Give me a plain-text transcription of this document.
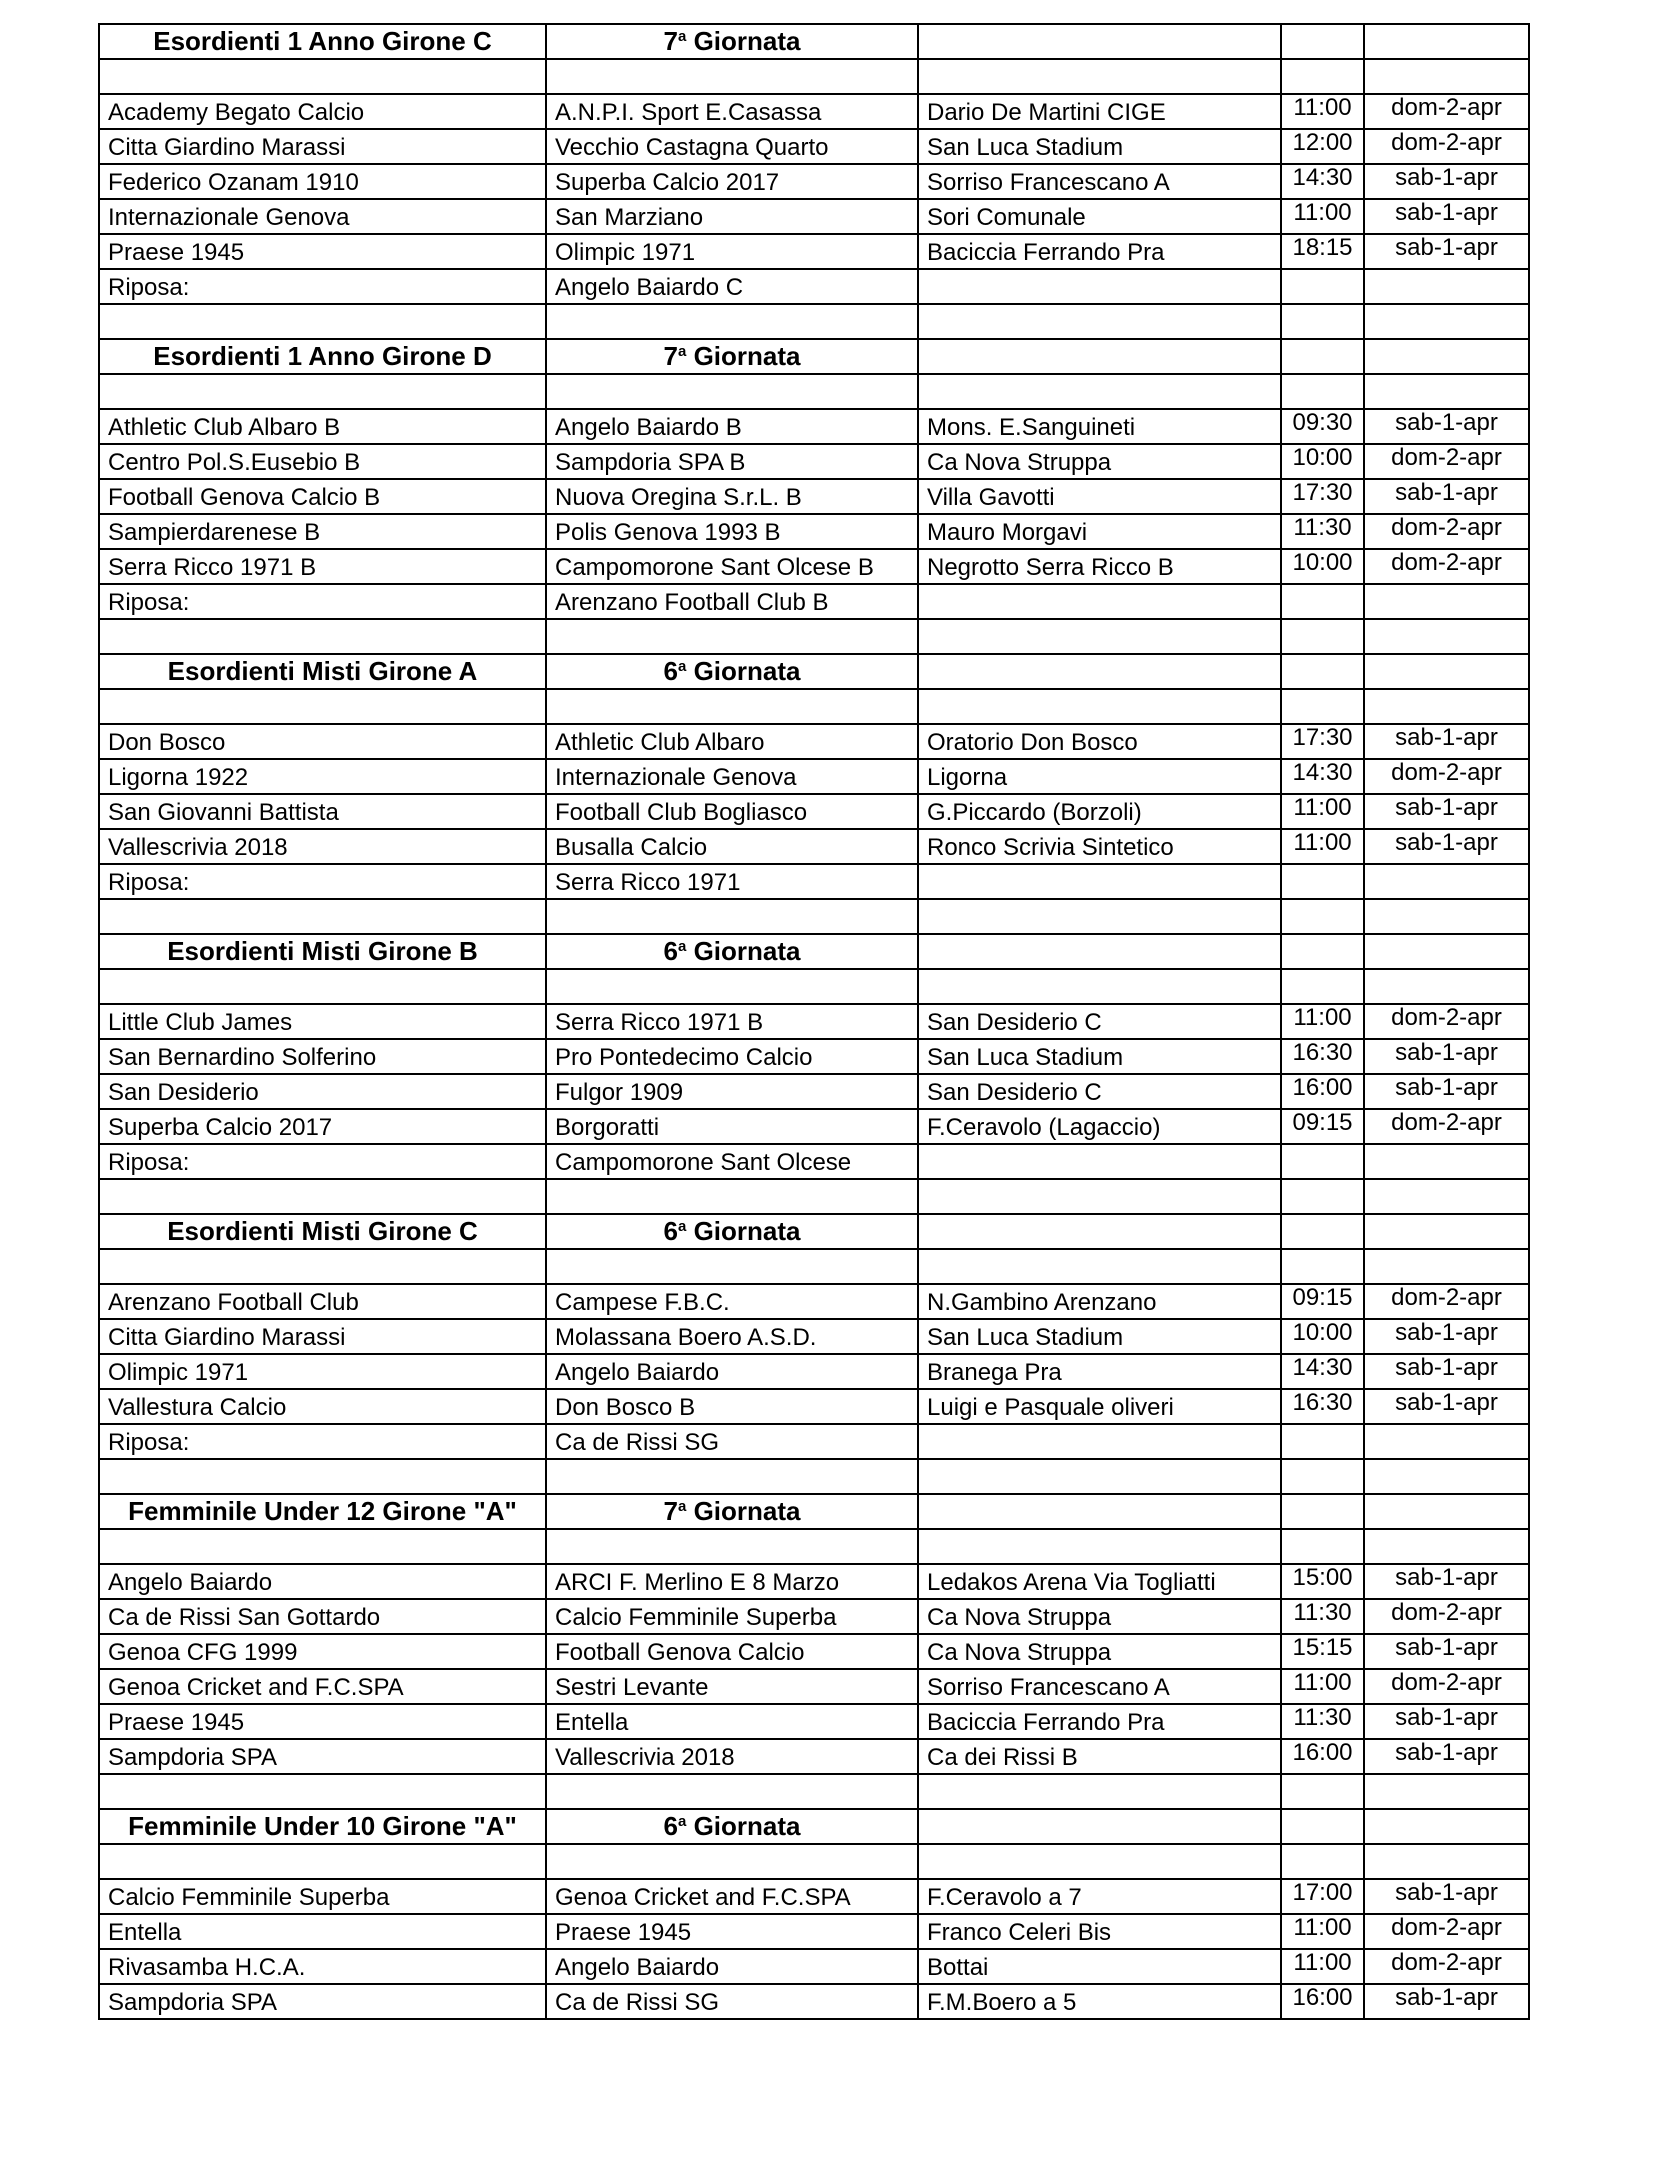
Esordienti 1 Anno Girone C	7$^a$ Giornata			

Academy Begato Calcio	A.N.P.I. Sport E.Casassa	Dario De Martini CIGE	11:00	dom-2-apr
Citta Giardino Marassi	Vecchio Castagna Quarto	San Luca Stadium	12:00	dom-2-apr
Federico Ozanam 1910	Superba Calcio 2017	Sorriso Francescano A	14:30	sab-1-apr
Internazionale Genova	San Marziano	Sori Comunale	11:00	sab-1-apr
Praese 1945	Olimpic 1971	Baciccia Ferrando Pra	18:15	sab-1-apr
Riposa:	Angelo Baiardo C			

Esordienti 1 Anno Girone D	7$^a$ Giornata			

Athletic Club Albaro B	Angelo Baiardo B	Mons. E.Sanguineti	09:30	sab-1-apr
Centro Pol.S.Eusebio B	Sampdoria SPA B	Ca Nova Struppa	10:00	dom-2-apr
Football Genova Calcio B	Nuova Oregina S.r.L. B	Villa Gavotti	17:30	sab-1-apr
Sampierdarenese B	Polis Genova 1993 B	Mauro Morgavi	11:30	dom-2-apr
Serra Ricco 1971 B	Campomorone Sant Olcese B	Negrotto Serra Ricco B	10:00	dom-2-apr
Riposa:	Arenzano Football Club B			

Esordienti Misti Girone A	6$^a$ Giornata			

Don Bosco	Athletic Club Albaro	Oratorio Don Bosco	17:30	sab-1-apr
Ligorna 1922	Internazionale Genova	Ligorna	14:30	dom-2-apr
San Giovanni Battista	Football Club Bogliasco	G.Piccardo (Borzoli)	11:00	sab-1-apr
Vallescrivia 2018	Busalla Calcio	Ronco Scrivia Sintetico	11:00	sab-1-apr
Riposa:	Serra Ricco 1971			

Esordienti Misti Girone B	6$^a$ Giornata			

Little Club James	Serra Ricco 1971 B	San Desiderio C	11:00	dom-2-apr
San Bernardino Solferino	Pro Pontedecimo Calcio	San Luca Stadium	16:30	sab-1-apr
San Desiderio	Fulgor 1909	San Desiderio C	16:00	sab-1-apr
Superba Calcio 2017	Borgoratti	F.Ceravolo (Lagaccio)	09:15	dom-2-apr
Riposa:	Campomorone Sant Olcese			

Esordienti Misti Girone C	6$^a$ Giornata			

Arenzano Football Club	Campese F.B.C.	N.Gambino Arenzano	09:15	dom-2-apr
Citta Giardino Marassi	Molassana Boero A.S.D.	San Luca Stadium	10:00	sab-1-apr
Olimpic 1971	Angelo Baiardo	Branega Pra	14:30	sab-1-apr
Vallestura Calcio	Don Bosco B	Luigi e Pasquale oliveri	16:30	sab-1-apr
Riposa:	Ca de Rissi SG			

Femminile Under 12 Girone "A"	7$^a$ Giornata			

Angelo Baiardo	ARCI F. Merlino E 8 Marzo	Ledakos Arena Via Togliatti	15:00	sab-1-apr
Ca de Rissi San Gottardo	Calcio Femminile Superba	Ca Nova Struppa	11:30	dom-2-apr
Genoa CFG 1999	Football Genova Calcio	Ca Nova Struppa	15:15	sab-1-apr
Genoa Cricket and F.C.SPA	Sestri Levante	Sorriso Francescano A	11:00	dom-2-apr
Praese 1945	Entella	Baciccia Ferrando Pra	11:30	sab-1-apr
Sampdoria SPA	Vallescrivia 2018	Ca dei Rissi B	16:00	sab-1-apr

Femminile Under 10 Girone "A"	6$^a$ Giornata			

Calcio Femminile Superba	Genoa Cricket and F.C.SPA	F.Ceravolo a 7	17:00	sab-1-apr
Entella	Praese 1945	Franco Celeri Bis	11:00	dom-2-apr
Rivasamba H.C.A.	Angelo Baiardo	Bottai	11:00	dom-2-apr
Sampdoria SPA	Ca de Rissi SG	F.M.Boero a 5	16:00	sab-1-apr
